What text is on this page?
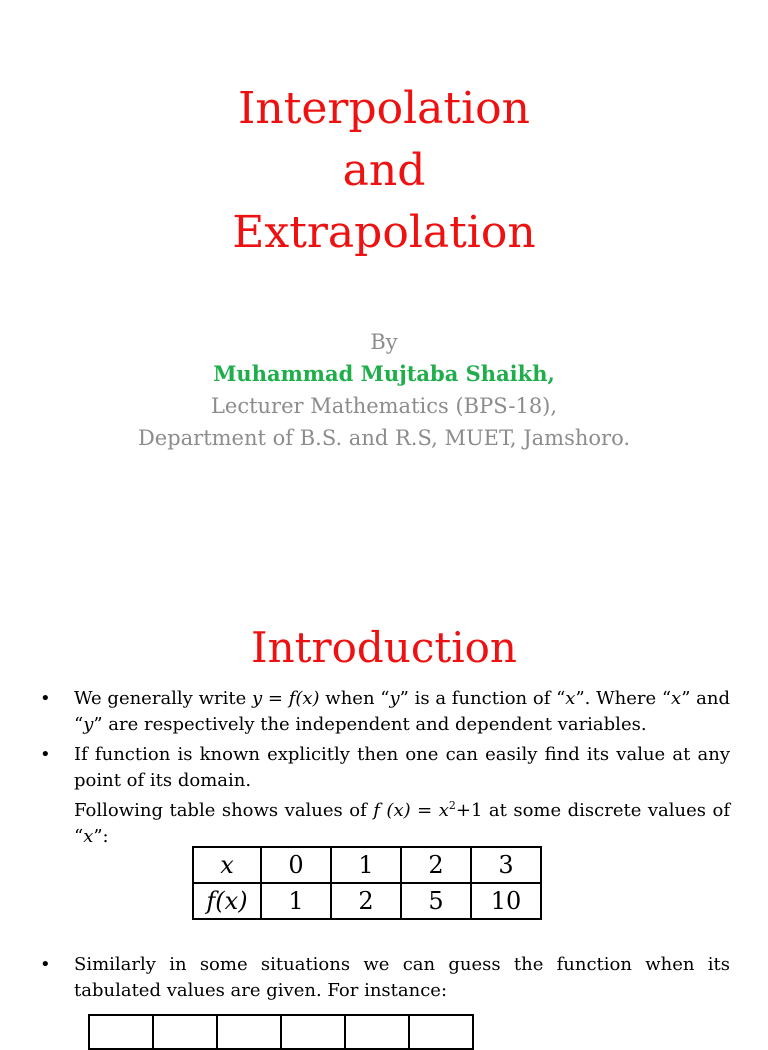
Interpolation
and
Extrapolation
By
Muhammad Mujtaba Shaikh,
Lecturer Mathematics (BPS-18),
Department of B.S. and R.S, MUET, Jamshoro.
Introduction
• We generally write y = f(x) when “y” is a function of “x”. Where “x” and “y” are respectively the independent and dependent variables.
• If function is known explicitly then one can easily find its value at any point of its domain.
Following table shows values of f $(x) = x^2+1$ at some discrete values of “x”:
x	0	1	2	3
f(x)	1	2	5	10
• Similarly in some situations we can guess the function when its tabulated values are given. For instance:
